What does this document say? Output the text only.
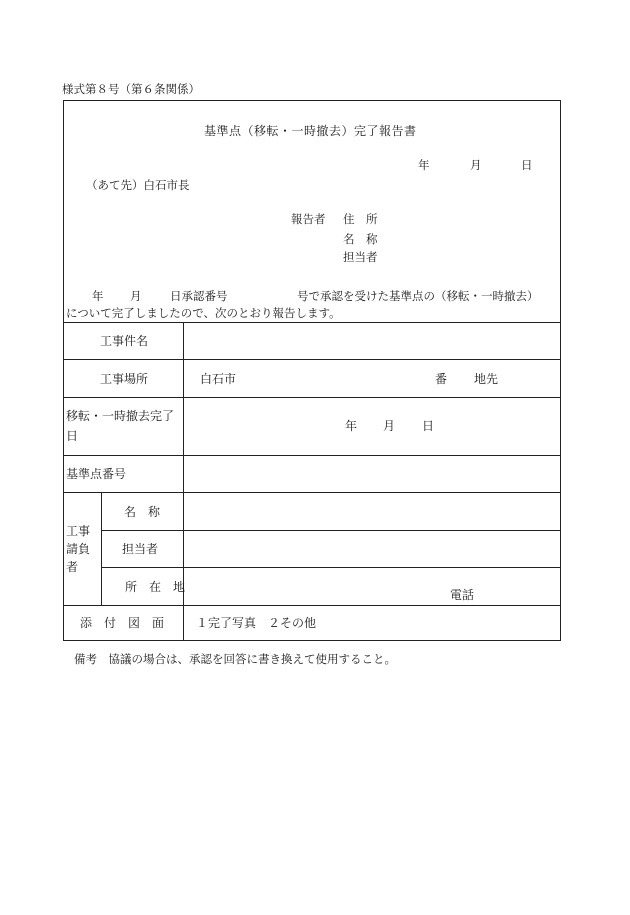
様式第８号（第６条関係）
基準点（移転・一時撤去）完了報告書
年	月	日
（あて先）白石市長
報告者 住　所
名　称
担当者
年 月 日承認番号	号で承認を受けた基準点の（移転・一時撤去）
について完了しましたので、次のとおり報告します。
工事件名
工事場所	白石市	番 地先
移転・一時撤去完了
日
年 月 日
基準点番号
工事
請負
者
名　称
担当者
所　在　地
電話
添　付　図　面	１完了写真　２その他
備考　協議の場合は、承認を回答に書き換えて使用すること。
